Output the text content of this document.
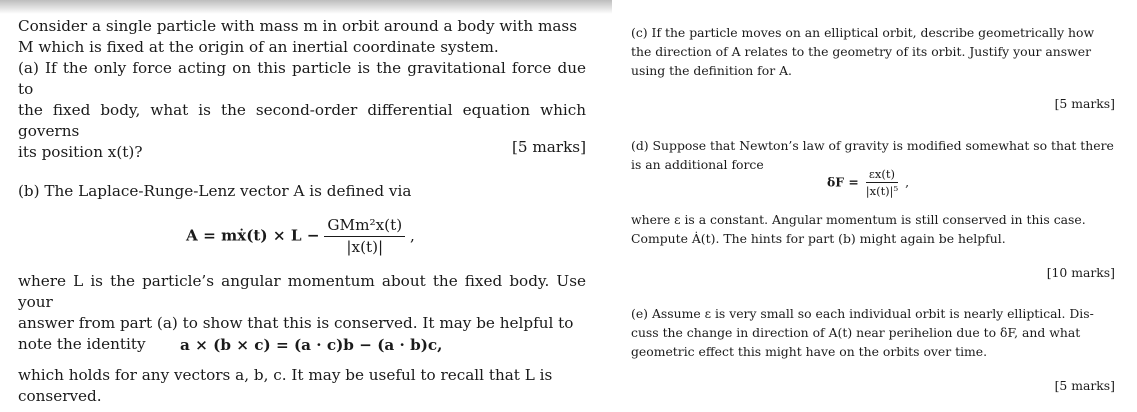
Consider a single particle with mass m in orbit around a body with mass
M which is fixed at the origin of an inertial coordinate system.
(a) If the only force acting on this particle is the gravitational force due to
the fixed body, what is the second-order differential equation which governs
its position x(t)?	[5 marks]
(b) The Laplace-Runge-Lenz vector A is defined via
A = mẋ(t) × $L - \frac{\text{GMm²x(t)}}{|x(t)|}$ ,
where L is the particle’s angular momentum about the fixed body. Use your
answer from part (a) to show that this is conserved. It may be helpful to
note the identity	a × (b × c) = (a · c)b − (a · b)c,
which holds for any vectors a, b, c. It may be useful to recall that L is
conserved.
(c) If the particle moves on an elliptical orbit, describe geometrically how
the direction of A relates to the geometry of its orbit. Justify your answer
using the definition for A.
[5 marks]
(d) Suppose that Newton’s law of gravity is modified somewhat so that there
is an additional force
$\delta F = \frac{\varepsilon x(t)}{\text{|x(t)|⁵}}$ ,
where ε is a constant. Angular momentum is still conserved in this case.
Compute Ȧ(t). The hints for part (b) might again be helpful.
[10 marks]
(e) Assume ε is very small so each individual orbit is nearly elliptical. Dis-
cuss the change in direction of A(t) near perihelion due to δF, and what
geometric effect this might have on the orbits over time.
[5 marks]
